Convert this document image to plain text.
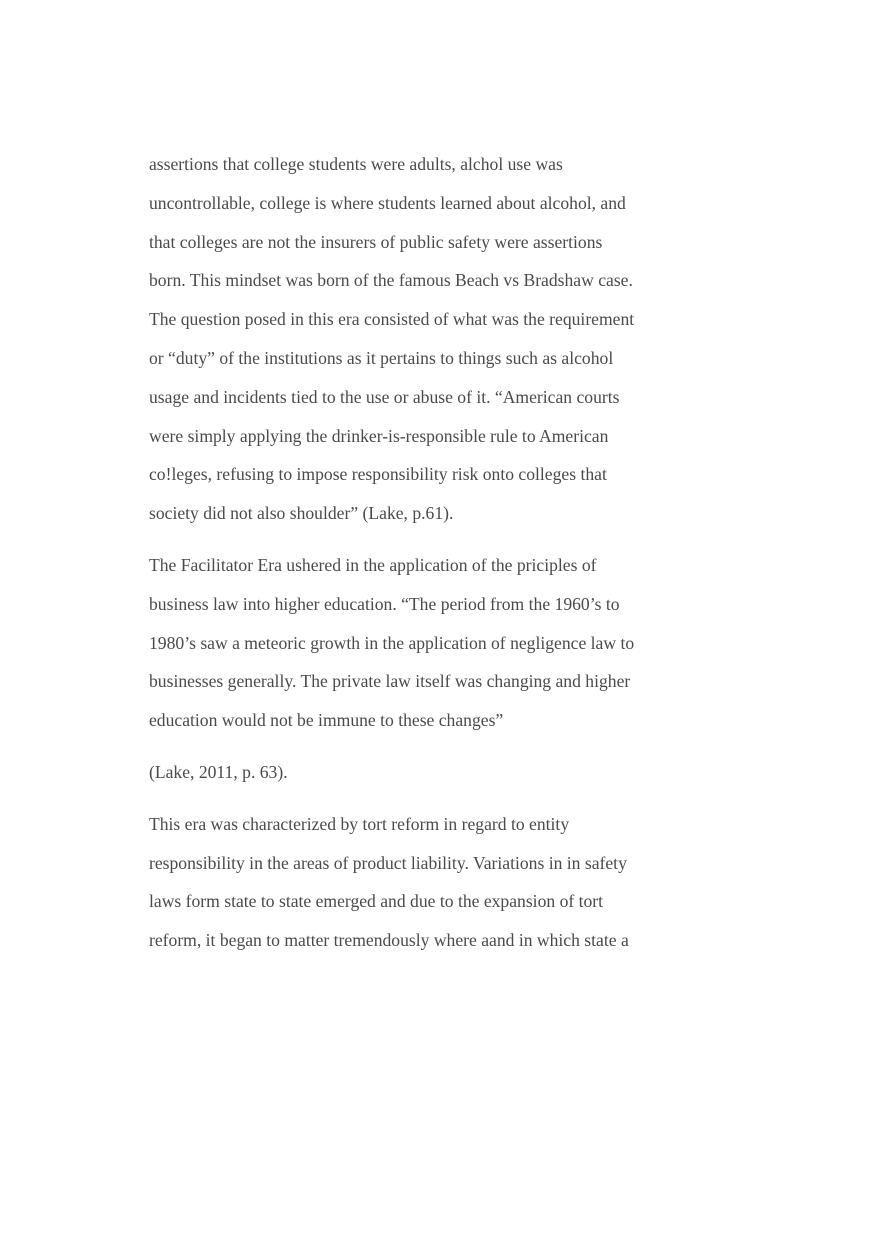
assertions that college students were adults, alchol use was
uncontrollable, college is where students learned about alcohol, and
that colleges are not the insurers of public safety were assertions
born. This mindset was born of the famous Beach vs Bradshaw case.
The question posed in this era consisted of what was the requirement
or “duty” of the institutions as it pertains to things such as alcohol
usage and incidents tied to the use or abuse of it. “American courts
were simply applying the drinker-is-responsible rule to American
co!leges, refusing to impose responsibility risk onto colleges that
society did not also shoulder” (Lake, p.61).

The Facilitator Era ushered in the application of the priciples of
business law into higher education. “The period from the 1960’s to
1980’s saw a meteoric growth in the application of negligence law to
businesses generally. The private law itself was changing and higher
education would not be immune to these changes”

(Lake, 2011, p. 63).

This era was characterized by tort reform in regard to entity
responsibility in the areas of product liability. Variations in in safety
laws form state to state emerged and due to the expansion of tort
reform, it began to matter tremendously where aand in which state a
